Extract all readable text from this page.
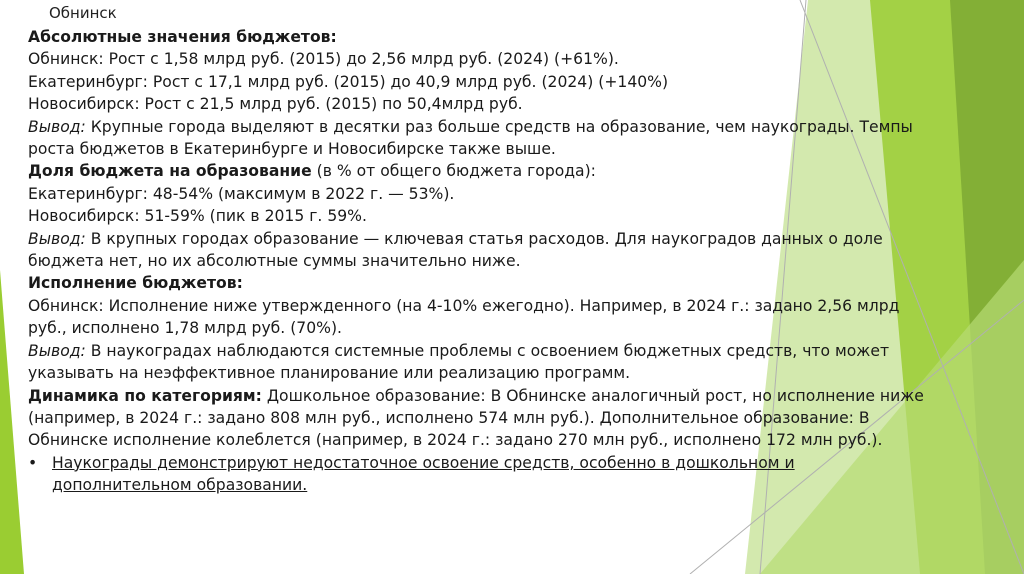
Обнинск

Абсолютные значения бюджетов:

Обнинск: Рост с 1,58 млрд руб. (2015) до 2,56 млрд руб. (2024) (+61%).

Екатеринбург: Рост с 17,1 млрд руб. (2015) до 40,9 млрд руб. (2024) (+140%)

Новосибирск: Рост с 21,5 млрд руб. (2015) по 50,4млрд руб.

Вывод: Крупные города выделяют в десятки раз больше средств на образование, чем наукограды. Темпы роста бюджетов в Екатеринбурге и Новосибирске также выше.

Доля бюджета на образование (в % от общего бюджета города):

Екатеринбург: 48-54% (максимум в 2022 г. — 53%).

Новосибирск: 51-59% (пик в 2015 г. 59%.

Вывод: В крупных городах образование — ключевая статья расходов. Для наукоградов данных о доле бюджета нет, но их абсолютные суммы значительно ниже.

Исполнение бюджетов:

Обнинск: Исполнение ниже утвержденного (на 4-10% ежегодно). Например, в 2024 г.: задано 2,56 млрд руб., исполнено 1,78 млрд руб. (70%).

Вывод: В наукоградах наблюдаются системные проблемы с освоением бюджетных средств, что может указывать на неэффективное планирование или реализацию программ.

Динамика по категориям: Дошкольное образование: В Обнинске аналогичный рост, но исполнение ниже (например, в 2024 г.: задано 808 млн руб., исполнено 574 млн руб.). Дополнительное образование: В Обнинске исполнение колеблется (например, в 2024 г.: задано 270 млн руб., исполнено 172 млн руб.).

• Наукограды демонстрируют недостаточное освоение средств, особенно в дошкольном и дополнительном образовании.
